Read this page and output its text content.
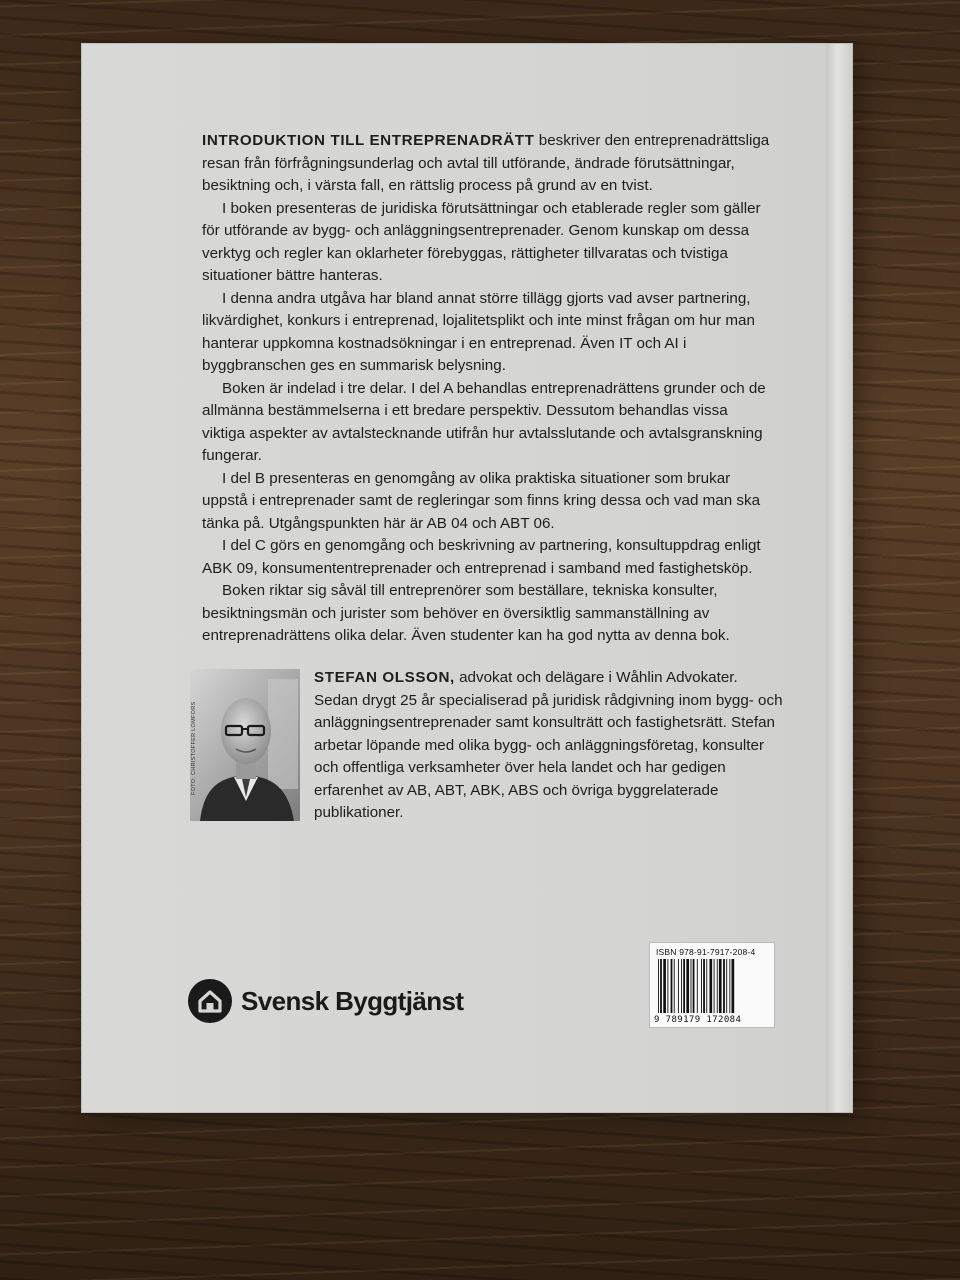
INTRODUKTION TILL ENTREPRENADRÄTT beskriver den entreprenadrättsliga resan från förfrågningsunderlag och avtal till utförande, ändrade förutsättningar, besiktning och, i värsta fall, en rättslig process på grund av en tvist.

I boken presenteras de juridiska förutsättningar och etablerade regler som gäller för utförande av bygg- och anläggningsentreprenader. Genom kunskap om dessa verktyg och regler kan oklarheter förebyggas, rättigheter tillvaratas och tvistiga situationer bättre hanteras.

I denna andra utgåva har bland annat större tillägg gjorts vad avser partnering, likvärdighet, konkurs i entreprenad, lojalitetsplikt och inte minst frågan om hur man hanterar uppkomna kostnadsökningar i en entreprenad. Även IT och AI i byggbranschen ges en summarisk belysning.

Boken är indelad i tre delar. I del A behandlas entreprenadrättens grunder och de allmänna bestämmelserna i ett bredare perspektiv. Dessutom behandlas vissa viktiga aspekter av avtalstecknande utifrån hur avtalsslutande och avtalsgranskning fungerar.

I del B presenteras en genomgång av olika praktiska situationer som brukar uppstå i entreprenader samt de regleringar som finns kring dessa och vad man ska tänka på. Utgångspunkten här är AB 04 och ABT 06.

I del C görs en genomgång och beskrivning av partnering, konsultuppdrag enligt ABK 09, konsumententreprenader och entreprenad i samband med fastighetsköp.

Boken riktar sig såväl till entreprenörer som beställare, tekniska konsulter, besiktningsmän och jurister som behöver en översiktlig sammanställning av entreprenadrättens olika delar. Även studenter kan ha god nytta av denna bok.

FOTO: CHRISTOFFER LOMFORS
STEFAN OLSSON, advokat och delägare i Wåhlin Advokater. Sedan drygt 25 år specialiserad på juridisk rådgivning inom bygg- och anläggningsentreprenader samt konsulträtt och fastighetsrätt. Stefan arbetar löpande med olika bygg- och anläggningsföretag, konsulter och offentliga verksamheter över hela landet och har gedigen erfarenhet av AB, ABT, ABK, ABS och övriga byggrelaterade publikationer.
Svensk Byggtjänst
ISBN 978-91-7917-208-4
9 789179 172084
